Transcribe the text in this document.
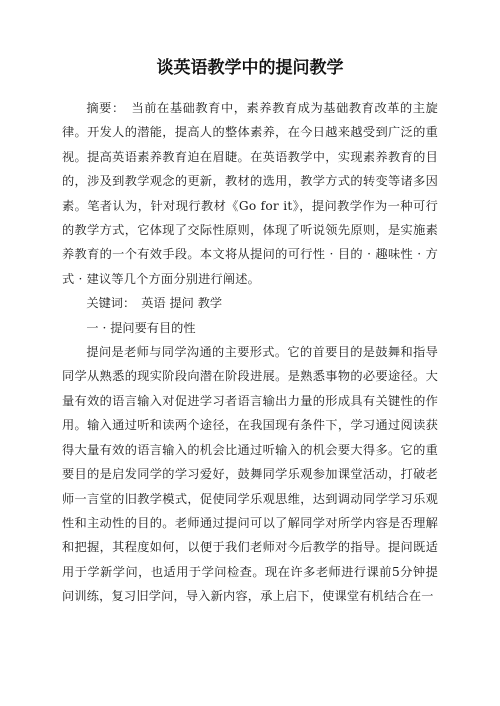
谈英语教学中的提问教学

摘要：　当前在基础教育中，素养教育成为基础教育改革的主旋律。开发人的潜能，提高人的整体素养，在今日越来越受到广泛的重视。提高英语素养教育迫在眉睫。在英语教学中，实现素养教育的目的，涉及到教学观念的更新，教材的选用，教学方式的转变等诸多因素。笔者认为，针对现行教材《Go for it》，提问教学作为一种可行的教学方式，它体现了交际性原则，体现了听说领先原则，是实施素养教育的一个有效手段。本文将从提问的可行性 · 目的 · 趣味性 · 方式 · 建议等几个方面分别进行阐述。

关键词：　英语 提问 教学

一 · 提问要有目的性

提问是老师与同学沟通的主要形式。它的首要目的是鼓舞和指导同学从熟悉的现实阶段向潜在阶段进展。是熟悉事物的必要途径。大量有效的语言输入对促进学习者语言输出力量的形成具有关键性的作用。输入通过听和读两个途径，在我国现有条件下，学习通过阅读获得大量有效的语言输入的机会比通过听输入的机会要大得多。它的重要目的是启发同学的学习爱好，鼓舞同学乐观参加课堂活动，打破老师一言堂的旧教学模式，促使同学乐观思维，达到调动同学学习乐观性和主动性的目的。老师通过提问可以了解同学对所学内容是否理解和把握，其程度如何，以便于我们老师对今后教学的指导。提问既适用于学新学问，也适用于学问检查。现在许多老师进行课前5分钟提问训练，复习旧学问，导入新内容，承上启下，使课堂有机结合在一
